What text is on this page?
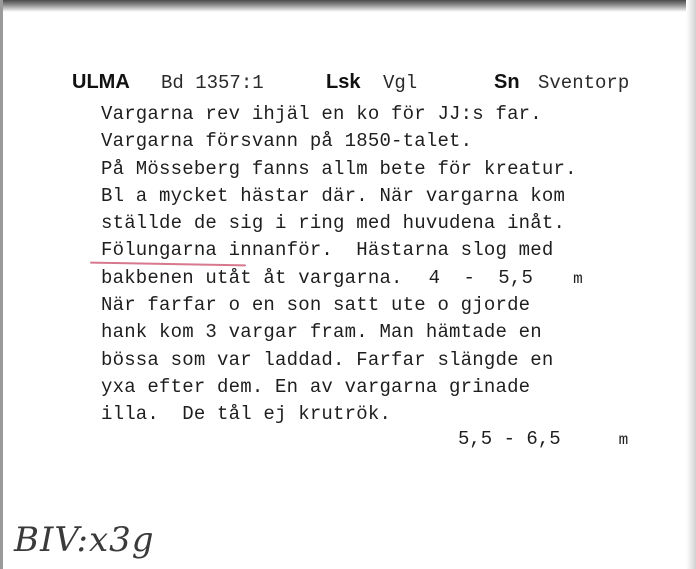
ULMA Bd 1357:1	Lsk Vgl	Sn Sventorp
Vargarna rev ihjäl en ko för JJ:s far.
Vargarna försvann på 1850-talet.
På Mösseberg fanns allm bete för kreatur.
Bl a mycket hästar där. När vargarna kom
ställde de sig i ring med huvudena inåt.
Fölungarna innanför.  Hästarna slog med
bakbenen utåt åt vargarna. 4  -  5,5	m
När farfar o en son satt ute o gjorde
hank kom 3 vargar fram. Man hämtade en
bössa som var laddad. Farfar slängde en
yxa efter dem. En av vargarna grinade
illa.  De tål ej krutrök.
5,5 - 6,5	m
BIV:x3g
